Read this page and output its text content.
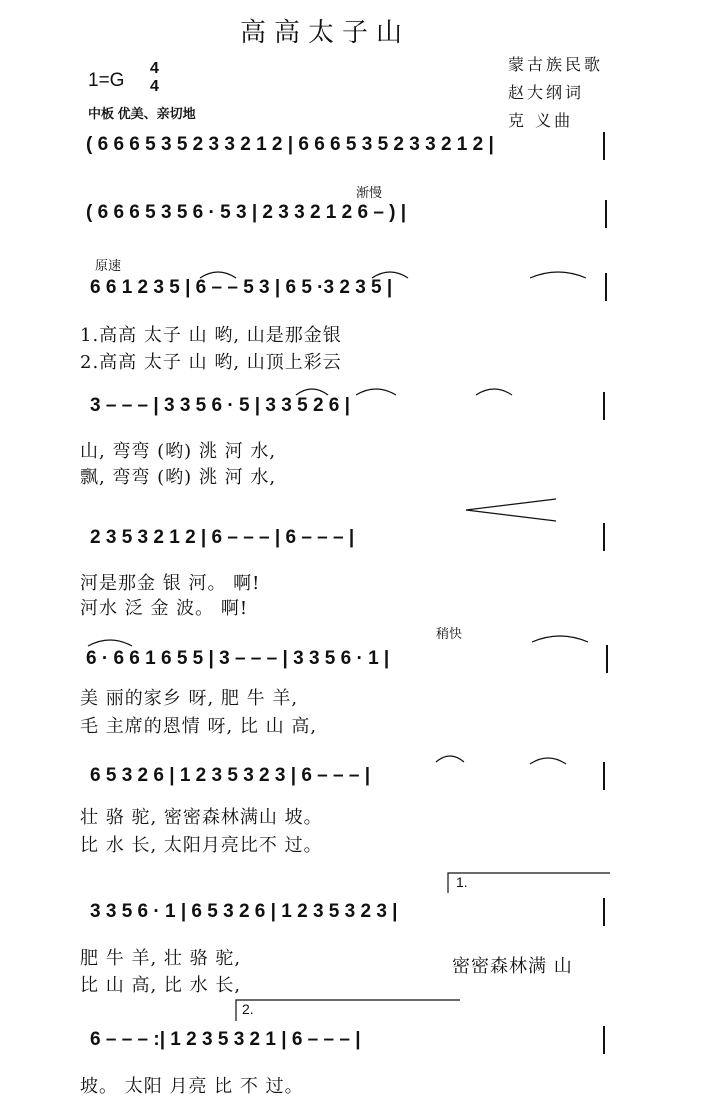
高高太子山
蒙古族民歌
赵大纲词
克 义曲
1=G
4
4
中板 优美、亲切地
渐慢
原速
稍快
( 6 6 6 5 3 5 2 3 3 2 1 2 | 6 6 6 5 3 5 2 3 3 2 1 2 |
( 6 6 6 5 3 5 6 · 5 3 | 2 3 3 2 1 2 6 – ) |
6 6 1 2 3 5 | 6 – – 5 3 | 6 5 ·3 2 3 5 |
1.高高 太子 山 哟, 山是那金银
2.高高 太子 山 哟, 山顶上彩云
3 – – – | 3 3 5 6 · 5 | 3 3 5 2 6 |
山, 弯弯 (哟) 洮 河 水,
飘, 弯弯 (哟) 洮 河 水,
2 3 5 3 2 1 2 | 6 – – – | 6 – – – |
河是那金 银 河。 啊!
河水 泛 金 波。 啊!
6 · 6 6 1 6 5 5 | 3 – – – | 3 3 5 6 · 1 |
美 丽的家乡 呀, 肥 牛 羊,
毛 主席的恩情 呀, 比 山 高,
6 5 3 2 6 | 1 2 3 5 3 2 3 | 6 – – – |
壮 骆 驼, 密密森林满山 坡。
比 水 长, 太阳月亮比不 过。
1.
3 3 5 6 · 1 | 6 5 3 2 6 | 1 2 3 5 3 2 3 |
肥 牛 羊, 壮 骆 驼,
比 山 高, 比 水 长,
密密森林满 山
2.
6 – – – :| 1 2 3 5 3 2 1 | 6 – – – |
坡。 太阳 月亮 比 不 过。
